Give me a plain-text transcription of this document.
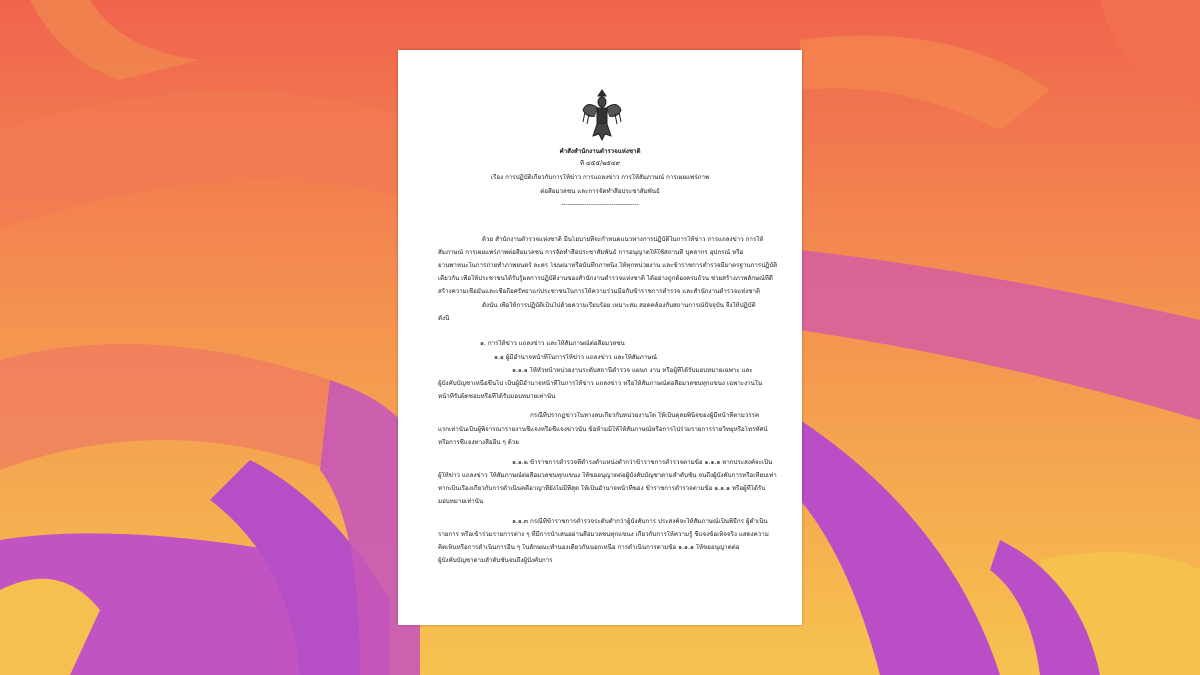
คำสั่งสำนักงานตำรวจแห่งชาติ
ที่ ๔๕๕/๒๕๔๙
เรื่อง การปฏิบัติเกี่ยวกับการให้ข่าว การแถลงข่าว การให้สัมภาษณ์ การเผยแพร่ภาพ
ต่อสื่อมวลชน และการจัดทำสื่อประชาสัมพันธ์
-------------------------------------
ด้วย สำนักงานตำรวจแห่งชาติ มีนโยบายที่จะกำหนดแนวทางการปฏิบัติในการให้ข่าว การแถลงข่าว การให้
สัมภาษณ์ การเผยแพร่ภาพต่อสื่อมวลชน การจัดทำสื่อประชาสัมพันธ์ การอนุญาตให้ใช้สถานที่ บุคลากร อุปกรณ์ หรือ
ยานพาหนะในการถ่ายทำภาพยนตร์ ละคร โฆษณาหรือบันทึกภาพนิ่ง ให้ทุกหน่วยงาน และข้าราชการตำรวจมีมาตรฐานการปฏิบัติ
เดียวกัน เพื่อให้ประชาชนได้รับรู้ผลการปฏิบัติงานของสำนักงานตำรวจแห่งชาติ ได้อย่างถูกต้องครบถ้วน ช่วยสร้างภาพลักษณ์ที่ดี
สร้างความเชื่อมั่นและเชื่อถือศรัทธาแก่ประชาชนในการให้ความร่วมมือกับข้าราชการตำรวจ และสำนักงานตำรวจแห่งชาติ
ดังนั้น เพื่อให้การปฏิบัติเป็นไปด้วยความเรียบร้อย เหมาะสม สอดคล้องกับสถานการณ์ปัจจุบัน จึงให้ปฏิบัติ
ดังนี้
๑. การให้ข่าว แถลงข่าว และให้สัมภาษณ์ต่อสื่อมวลชน
๑.๑ ผู้มีอำนาจหน้าที่ในการให้ข่าว แถลงข่าว และให้สัมภาษณ์
๑.๑.๑ ให้หัวหน้าหน่วยงานระดับสถานีตำรวจ แผนก งาน หรือผู้ที่ได้รับมอบหมายเฉพาะ และ
ผู้บังคับบัญชาเหนือขึ้นไป เป็นผู้มีอำนาจหน้าที่ในการให้ข่าว แถลงข่าว หรือให้สัมภาษณ์ต่อสื่อมวลชนทุกแขนง เฉพาะงานใน
หน้าที่รับผิดชอบหรือที่ได้รับมอบหมายเท่านั้น
กรณีที่ปรากฏข่าวในทางลบเกี่ยวกับหน่วยงานใด ให้เป็นดุลยพินิจของผู้มีหน้าที่ตามวรรค
แรกเท่านั้นเป็นผู้พิจารณารายงานชี้แจงหรือชี้แจงข่าวนั้น ข้อห้ามมิให้ให้สัมภาษณ์หรือการไปร่วมรายการรายวิทยุหรือโทรทัศน์
หรือการชี้แจงทางสื่ออื่น ๆ ด้วย
๑.๑.๒ ข้าราชการตำรวจที่ดำรงตำแหน่งต่ำกว่าข้าราชการตำรวจตามข้อ ๑.๑.๑ หากประสงค์จะเป็น
ผู้ให้ข่าว แถลงข่าว ให้สัมภาษณ์ต่อสื่อมวลชนทุกแขนง ให้ขออนุญาตต่อผู้บังคับบัญชาตามลำดับชั้น จนถึงผู้บังคับการหรือเทียบเท่า
หากเป็นเรื่องเกี่ยวกับการดำเนินคดีอาญาที่ยังไม่มีที่สุด ให้เป็นอำนาจหน้าที่ของ ข้าราชการตำรวจตามข้อ ๑.๑.๑ หรือผู้ที่ได้รับ
มอบหมายเท่านั้น
๑.๑.๓ กรณีที่ข้าราชการตำรวจระดับต่ำกว่าผู้บังคับการ ประสงค์จะให้สัมภาษณ์เป็นพิธีกร ผู้ดำเนิน
รายการ หรือเข้าร่วมรายการต่าง ๆ ที่มีการนำเสนอผ่านสื่อมวลชนทุกแขนง เกี่ยวกับการให้ความรู้ ชี้แจงข้อเท็จจริง แสดงความ
คิดเห็นหรือการดำเนินการอื่น ๆ ในลักษณะทำนองเดียวกันนอกเหนือ การดำเนินการตามข้อ ๑.๑.๑ ให้ขออนุญาตต่อ
ผู้บังคับบัญชาตามลำดับชั้นจนถึงผู้บังคับการ
